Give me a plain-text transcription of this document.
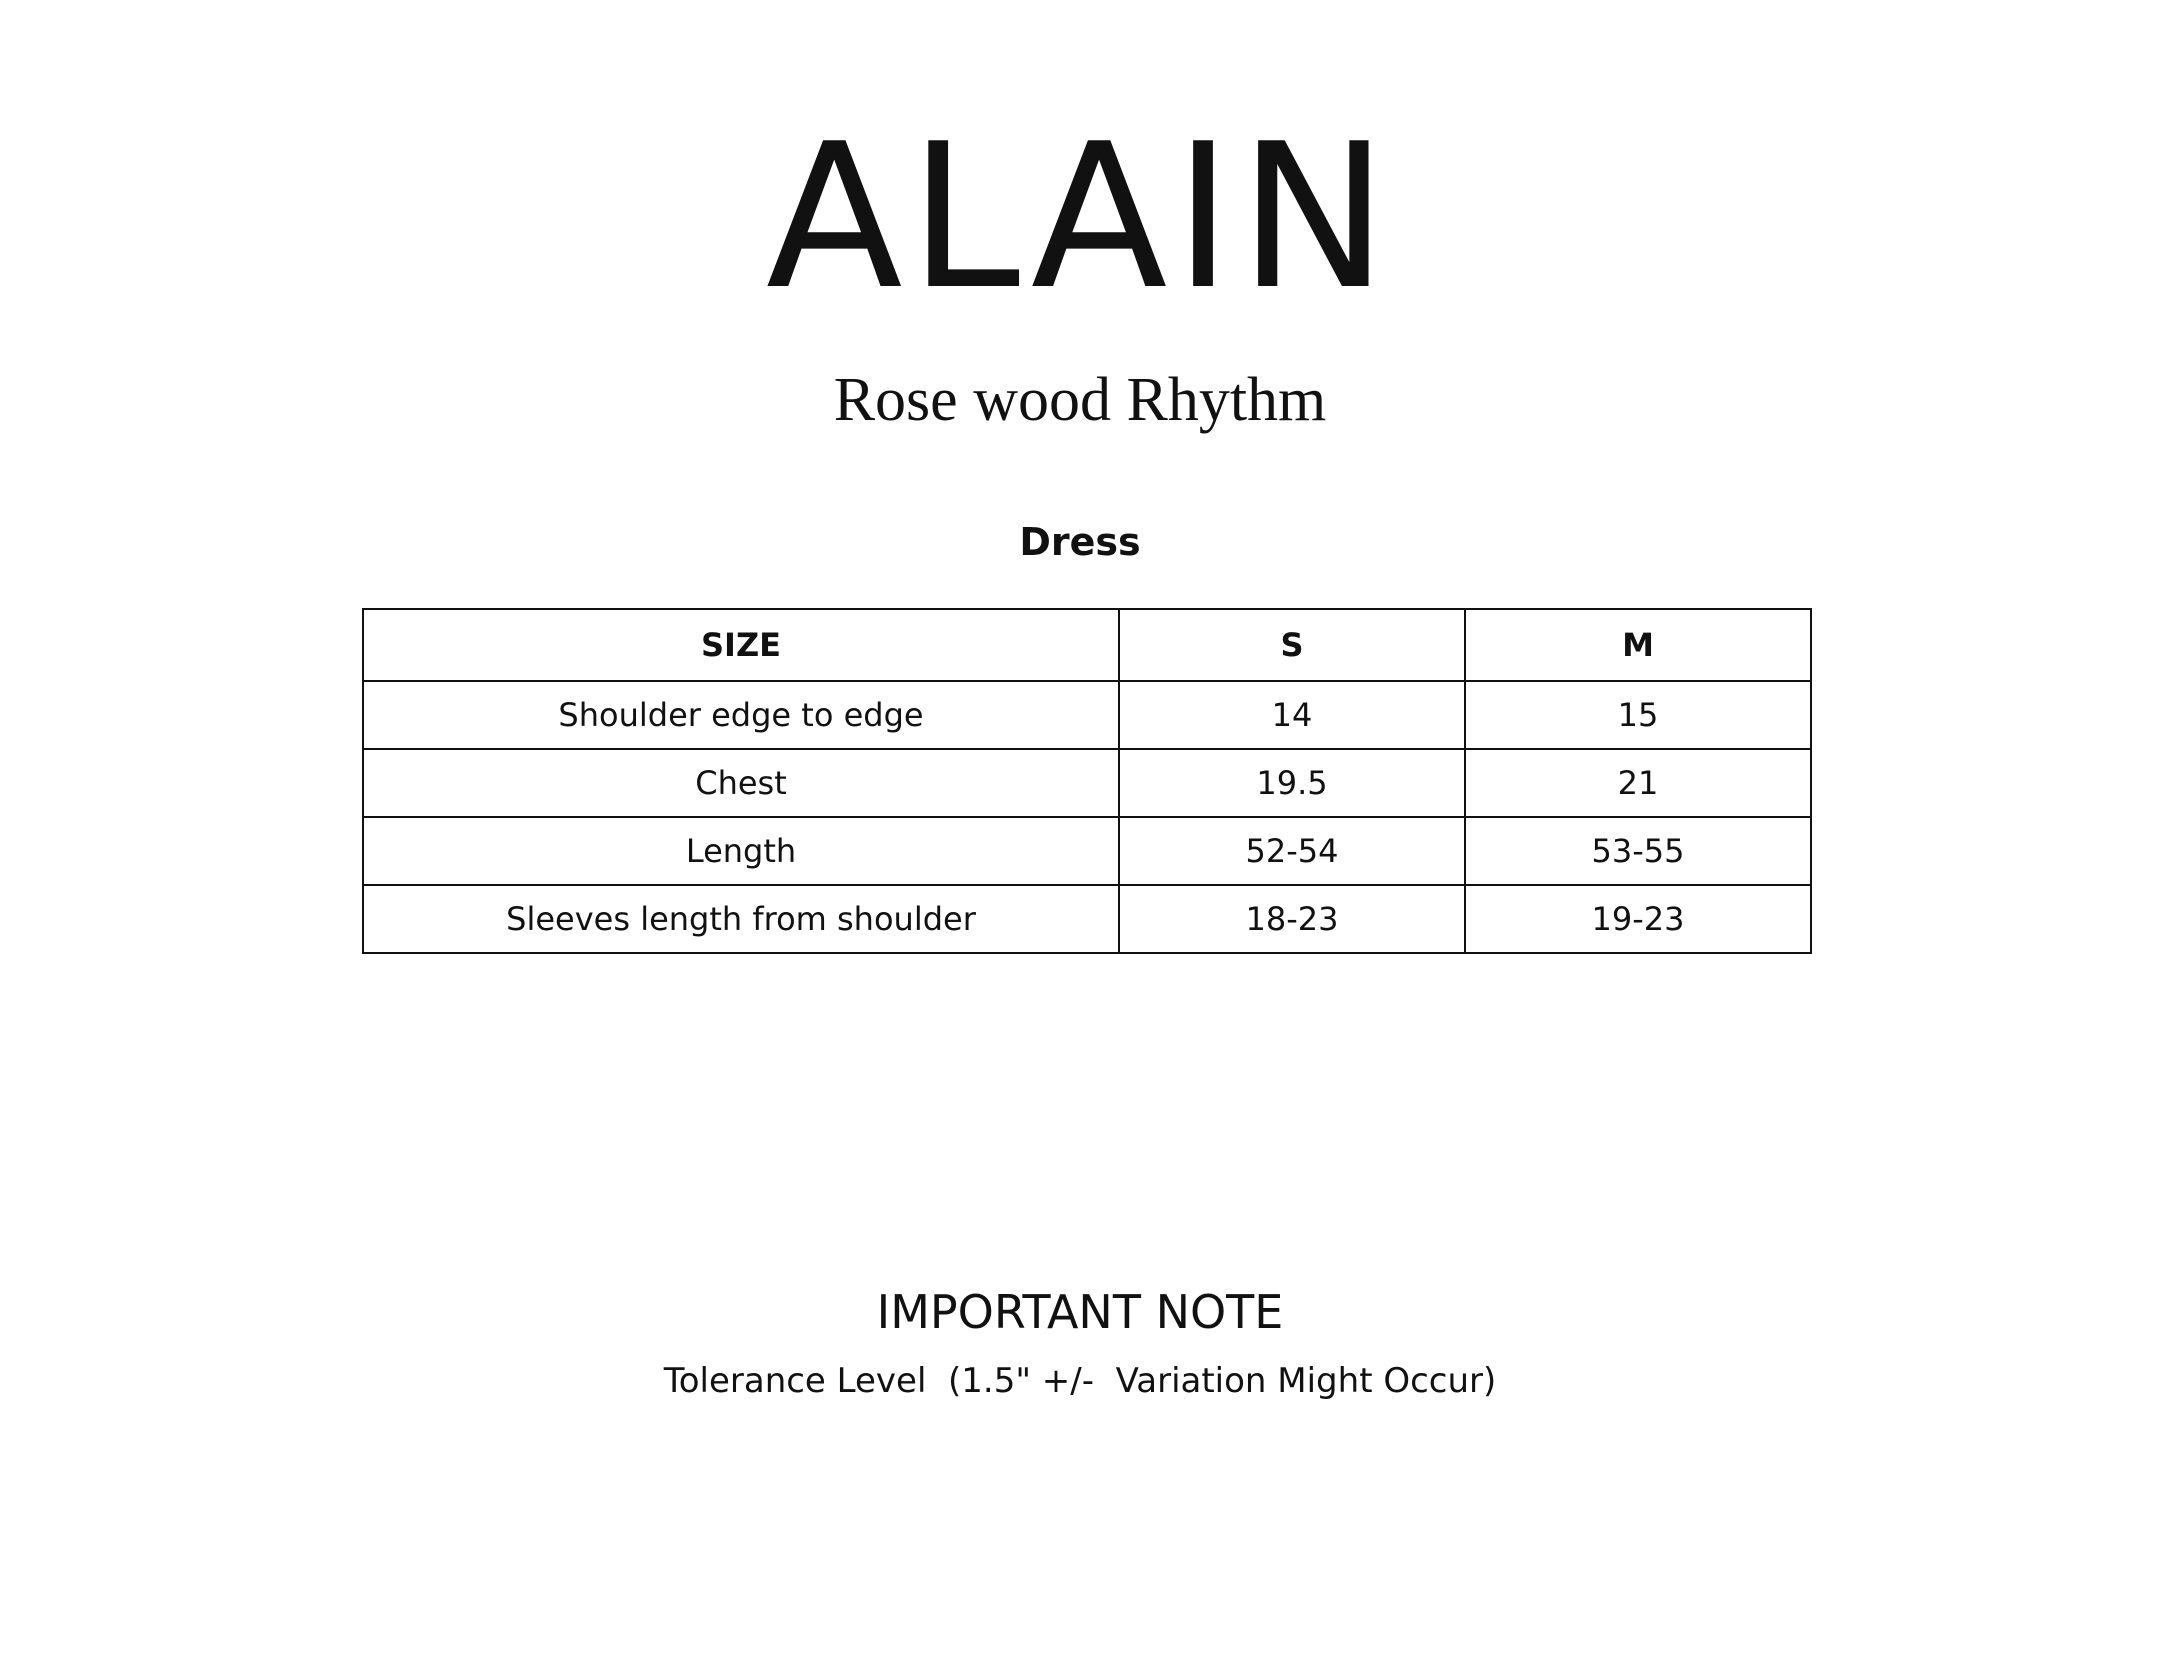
ALAIN
Rose wood Rhythm
Dress
SIZE	S	M
Shoulder edge to edge	14	15
Chest	19.5	21
Length	52-54	53-55
Sleeves length from shoulder	18-23	19-23
IMPORTANT NOTE
Tolerance Level  (1.5" +/-  Variation Might Occur)
